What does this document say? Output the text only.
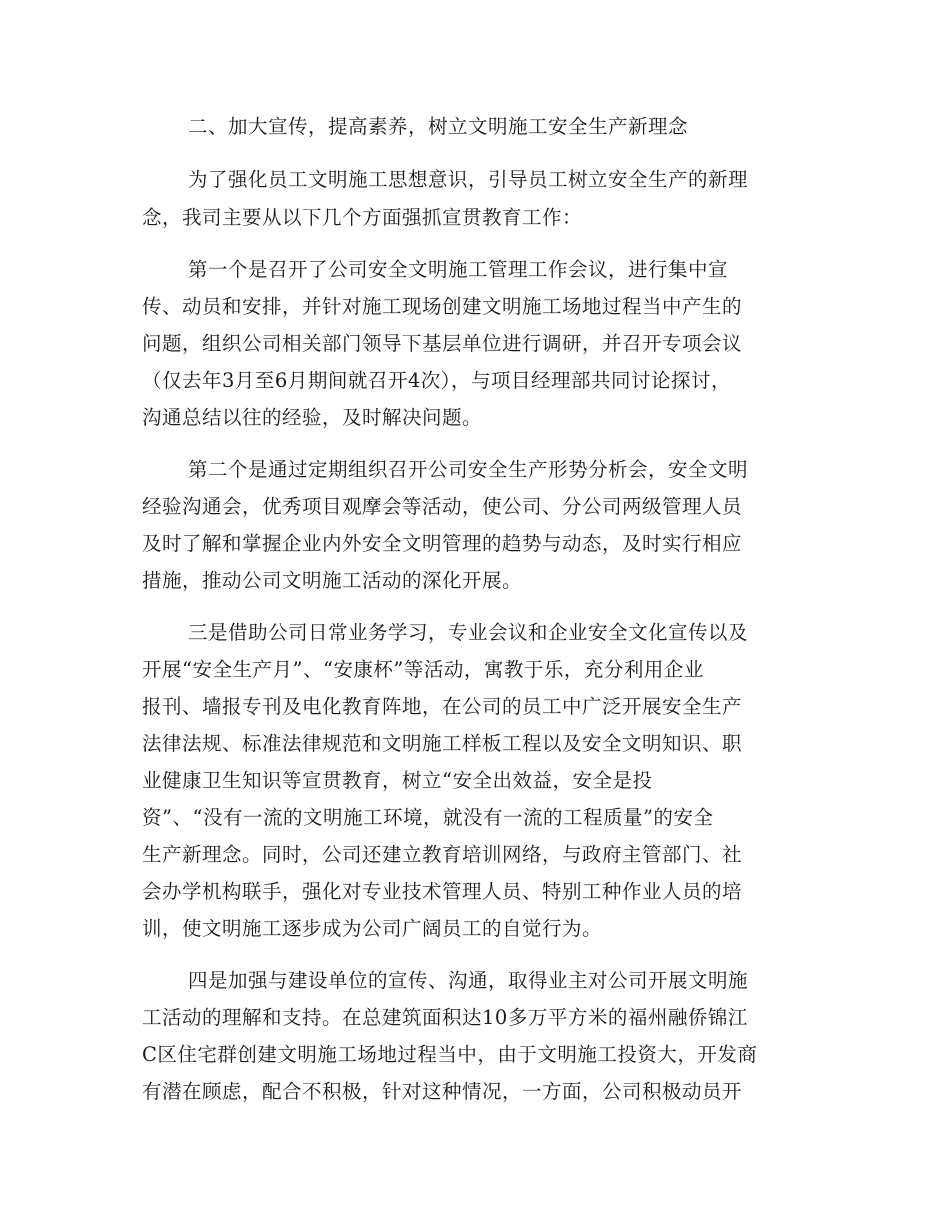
二、加大宣传，提高素养，树立文明施工安全生产新理念
为了强化员工文明施工思想意识，引导员工树立安全生产的新理
念，我司主要从以下几个方面强抓宣贯教育工作：
第一个是召开了公司安全文明施工管理工作会议，进行集中宣
传、动员和安排，并针对施工现场创建文明施工场地过程当中产生的
问题，组织公司相关部门领导下基层单位进行调研，并召开专项会议
（仅去年3月至6月期间就召开4次），与项目经理部共同讨论探讨，
沟通总结以往的经验，及时解决问题。
第二个是通过定期组织召开公司安全生产形势分析会，安全文明
经验沟通会，优秀项目观摩会等活动，使公司、分公司两级管理人员
及时了解和掌握企业内外安全文明管理的趋势与动态，及时实行相应
措施，推动公司文明施工活动的深化开展。
三是借助公司日常业务学习，专业会议和企业安全文化宣传以及
开展“安全生产月”、“安康杯”等活动，寓教于乐，充分利用企业
报刊、墙报专刊及电化教育阵地，在公司的员工中广泛开展安全生产
法律法规、标准法律规范和文明施工样板工程以及安全文明知识、职
业健康卫生知识等宣贯教育，树立“安全出效益，安全是投
资”、“没有一流的文明施工环境，就没有一流的工程质量”的安全
生产新理念。同时，公司还建立教育培训网络，与政府主管部门、社
会办学机构联手，强化对专业技术管理人员、特别工种作业人员的培
训，使文明施工逐步成为公司广阔员工的自觉行为。
四是加强与建设单位的宣传、沟通，取得业主对公司开展文明施
工活动的理解和支持。在总建筑面积达10多万平方米的福州融侨锦江
C区住宅群创建文明施工场地过程当中，由于文明施工投资大，开发商
有潜在顾虑，配合不积极，针对这种情况，一方面，公司积极动员开
